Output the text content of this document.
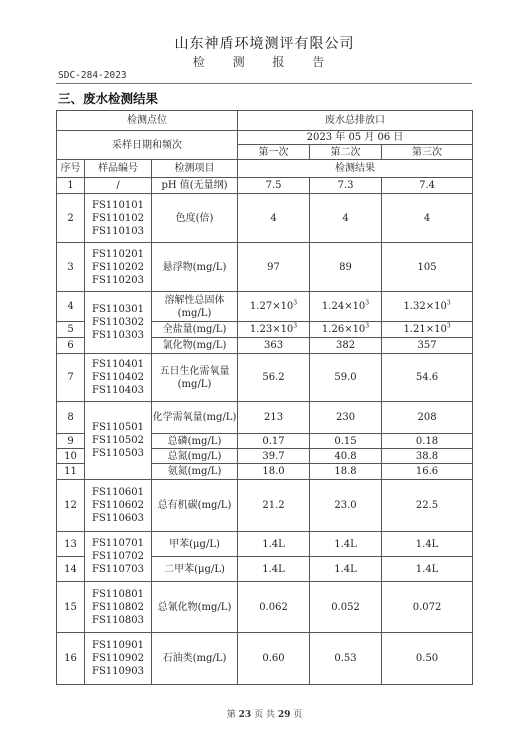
山东神盾环境测评有限公司
检 测 报 告
SDC-284-2023
三、废水检测结果
检测点位			废水总排放口		
采样日期和频次			2023 年 05 月 06 日		
			第一次	第二次	第三次
序号	样品编号	检测项目	检测结果		
1	/	pH 值(无量纲)	7.5	7.3	7.4
2	FS110101
FS110102
FS110103	色度(倍)	4	4	4
3	FS110201
FS110202
FS110203	悬浮物(mg/L)	97	89	105
4	FS110301
FS110302
FS110303	溶解性总固体(mg/L)	$1.27\times 10^3$	$1.24\times 10^3$	$1.32\times 10^3$
5		全盐量(mg/L)	$1.23\times 10^3$	$1.26\times 10^3$	$1.21\times 10^3$
6		氯化物(mg/L)	363	382	357
7	FS110401
FS110402
FS110403	五日生化需氧量(mg/L)	56.2	59.0	54.6
8	FS110501
FS110502
FS110503	化学需氧量(mg/L)	213	230	208
9		总磷(mg/L)	0.17	0.15	0.18
10		总氮(mg/L)	39.7	40.8	38.8
11		氨氮(mg/L)	18.0	18.8	16.6
12	FS110601
FS110602
FS110603	总有机碳(mg/L)	21.2	23.0	22.5
13	FS110701
FS110702
FS110703	甲苯(μg/L)	1.4L	1.4L	1.4L
14		二甲苯(μg/L)	1.4L	1.4L	1.4L
15	FS110801
FS110802
FS110803	总氰化物(mg/L)	0.062	0.052	0.072
16	FS110901
FS110902
FS110903	石油类(mg/L)	0.60	0.53	0.50
第 23 页 共 29 页
